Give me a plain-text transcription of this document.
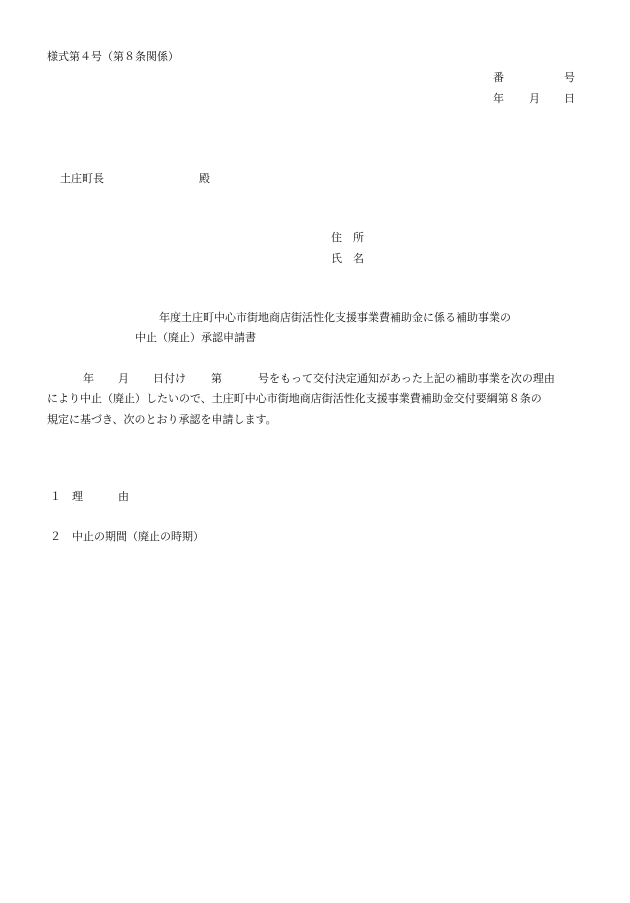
様式第４号（第８条関係）
番	号
年 月 日
土庄町長	殿
住　所
氏　名
年度土庄町中心市街地商店街活性化支援事業費補助金に係る補助事業の
中止（廃止）承認申請書
年 月 日付け 第	号をもって交付決定通知があった上記の補助事業を次の理由
により中止（廃止）したいので、土庄町中心市街地商店街活性化支援事業費補助金交付要綱第８条の
規定に基づき、次のとおり承認を申請します。
１ 理	由
２ 中止の期間（廃止の時期）
